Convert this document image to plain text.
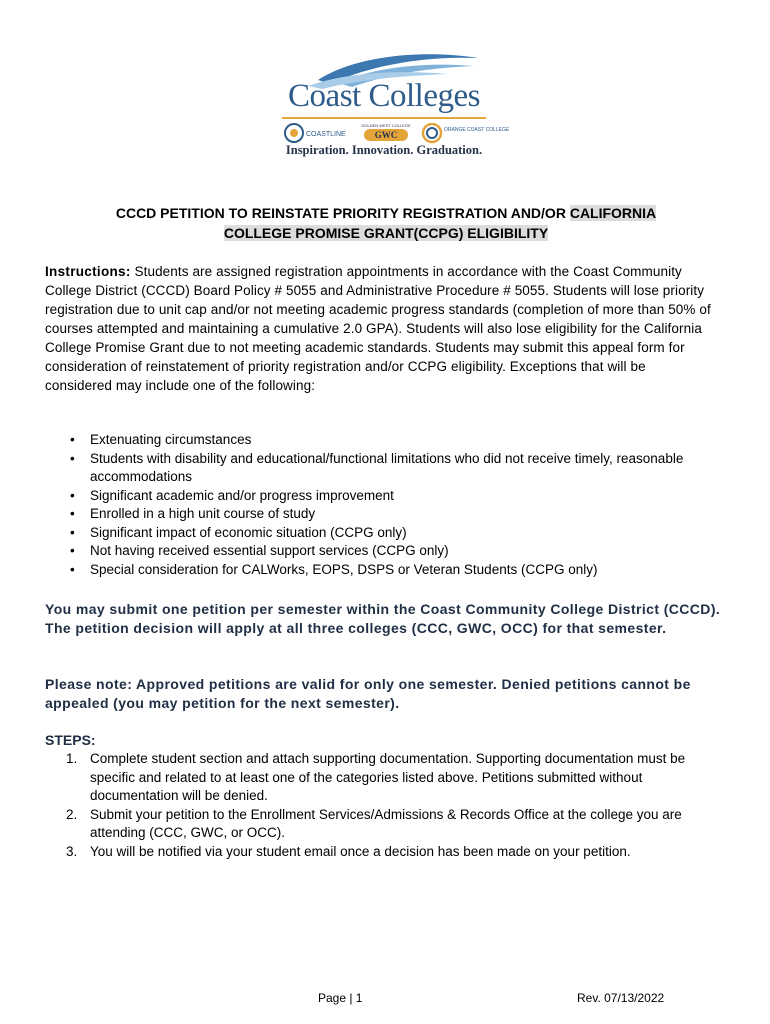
Coast Colleges
COASTLINE
GOLDEN WEST COLLEGE
GWC	ORANGE COAST COLLEGE
Inspiration. Innovation. Graduation.
CCCD PETITION TO REINSTATE PRIORITY REGISTRATION AND/OR CALIFORNIA
COLLEGE PROMISE GRANT(CCPG) ELIGIBILITY
Instructions: Students are assigned registration appointments in accordance with the Coast Community College District (CCCD) Board Policy # 5055 and Administrative Procedure # 5055. Students will lose priority registration due to unit cap and/or not meeting academic progress standards (completion of more than 50% of courses attempted and maintaining a cumulative 2.0 GPA). Students will also lose eligibility for the California College Promise Grant due to not meeting academic standards. Students may submit this appeal form for consideration of reinstatement of priority registration and/or CCPG eligibility. Exceptions that will be considered may include one of the following:
• Extenuating circumstances
• Students with disability and educational/functional limitations who did not receive timely, reasonable accommodations
• Significant academic and/or progress improvement
• Enrolled in a high unit course of study
• Significant impact of economic situation (CCPG only)
• Not having received essential support services (CCPG only)
• Special consideration for CALWorks, EOPS, DSPS or Veteran Students (CCPG only)
You may submit one petition per semester within the Coast Community College District (CCCD). The petition decision will apply at all three colleges (CCC, GWC, OCC) for that semester.
Please note: Approved petitions are valid for only one semester. Denied petitions cannot be appealed (you may petition for the next semester).
STEPS:
1. Complete student section and attach supporting documentation. Supporting documentation must be specific and related to at least one of the categories listed above. Petitions submitted without documentation will be denied.
2. Submit your petition to the Enrollment Services/Admissions & Records Office at the college you are attending (CCC, GWC, or OCC).
3. You will be notified via your student email once a decision has been made on your petition.
Page | 1	Rev. 07/13/2022
